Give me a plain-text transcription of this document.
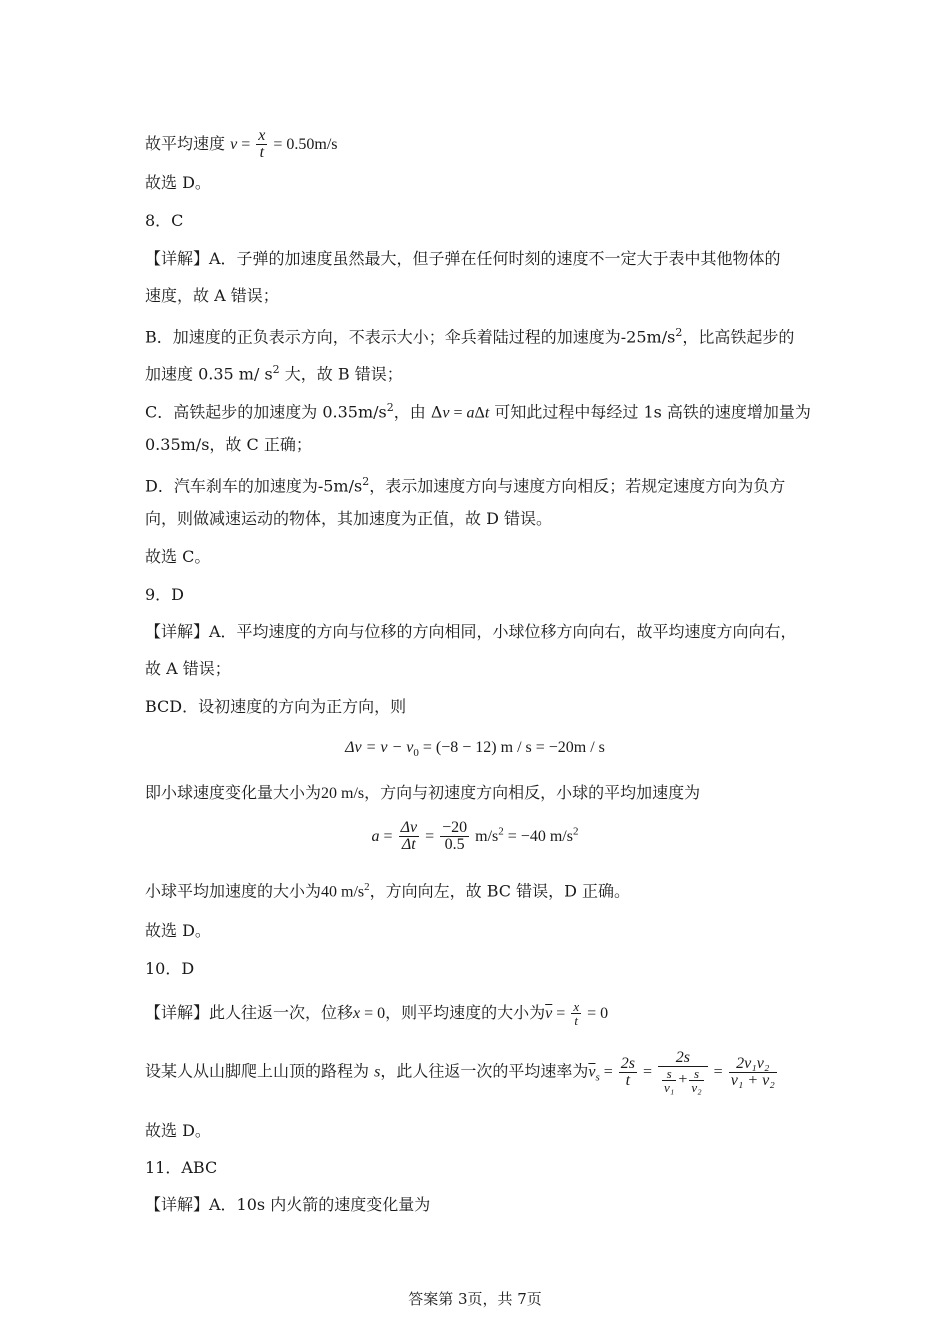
故平均速度 $v = \frac{x}{t} = 0.50m/s$
故选 D。
8．C
【详解】A．子弹的加速度虽然最大，但子弹在任何时刻的速度不一定大于表中其他物体的
速度，故 A 错误；
B．加速度的正负表示方向，不表示大小；伞兵着陆过程的加速度为$-25m/s^2$，比高铁起步的
加速度 0.35 m/ $s^2$ 大，故 B 错误；
C．高铁起步的加速度为 $0.35m/s^2$，由 Δv = aΔt 可知此过程中每经过 1s 高铁的速度增加量为
0.35m/s，故 C 正确；
D．汽车刹车的加速度为$-5m/s^2$，表示加速度方向与速度方向相反；若规定速度方向为负方
向，则做减速运动的物体，其加速度为正值，故 D 错误。
故选 C。
9．D
【详解】A．平均速度的方向与位移的方向相同，小球位移方向向右，故平均速度方向向右，
故 A 错误；
BCD．设初速度的方向为正方向，则
$\Delta v = v - v_0 = (-8 - 12)$ m / s = −20m / s
即小球速度变化量大小为20 m/s，方向与初速度方向相反，小球的平均加速度为
$a = \frac{\Delta v}{\Delta t} = \frac{-20}{0.5} m/s^2 = -40$ $m/s^2$
小球平均加速度的大小为40 $m/s^2$，方向向左，故 BC 错误，D 正确。
故选 D。
10．D
【详解】此人往返一次，位移x = 0，则平均速度的大小为$\overline{v} = \frac{x}{t} = 0$
设某人从山脚爬上山顶的路程为 s，此人往返一次的平均速率为$\overline{v}_s = \frac{2s}{t} = \frac{2s}{\frac{s}{\text{v₁}} + \frac{s}{\text{v₂}}} = \frac{\text{2v₁v₂}}{\text{v₁ + v₂}}$
故选 D。
11．ABC
【详解】A．10s 内火箭的速度变化量为
答案第 3页，共 7页
